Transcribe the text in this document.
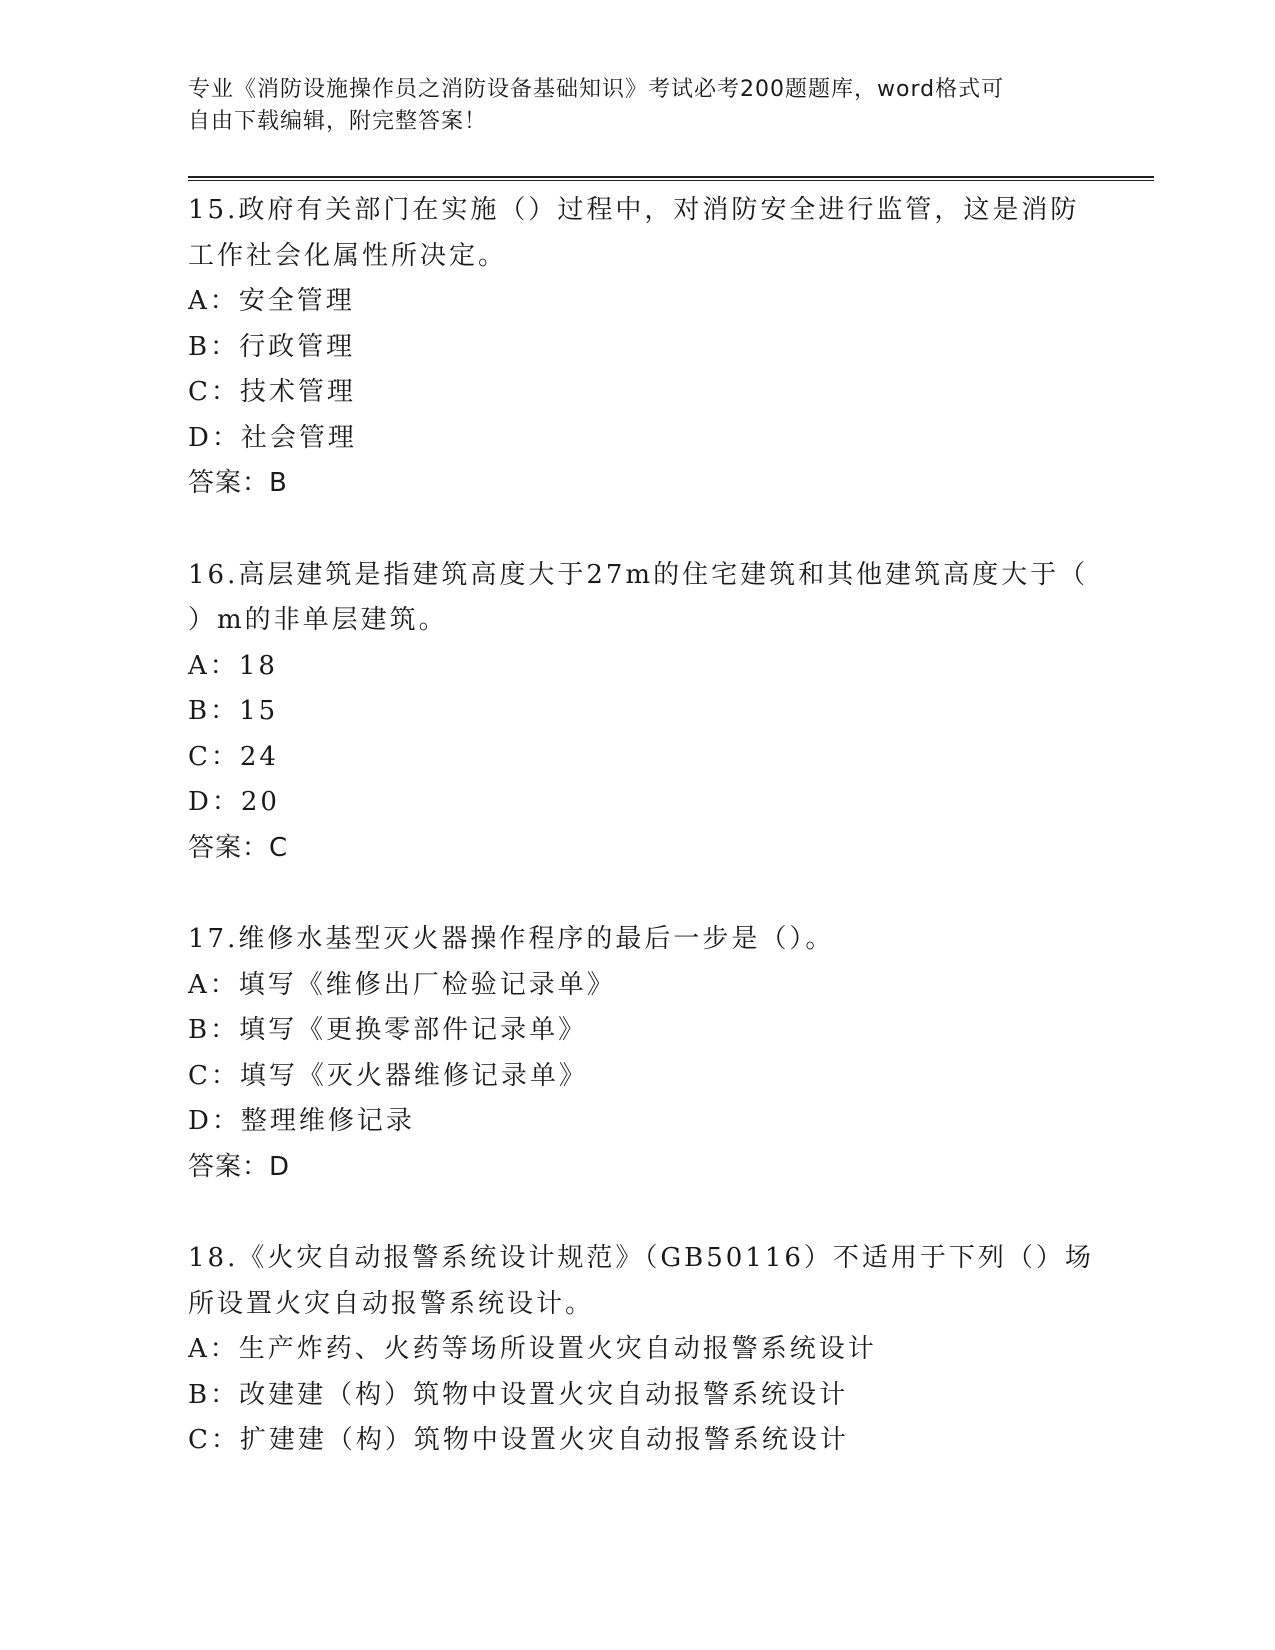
专业《消防设施操作员之消防设备基础知识》考试必考200题题库，word格式可
自由下载编辑，附完整答案！
15.政府有关部门在实施（）过程中，对消防安全进行监管，这是消防
工作社会化属性所决定。
A：安全管理
B：行政管理
C：技术管理
D：社会管理
答案：B
16.高层建筑是指建筑高度大于27m的住宅建筑和其他建筑高度大于（
）m的非单层建筑。
A：18
B：15
C：24
D：20
答案：C
17.维修水基型灭火器操作程序的最后一步是（）。
A：填写《维修出厂检验记录单》
B：填写《更换零部件记录单》
C：填写《灭火器维修记录单》
D：整理维修记录
答案：D
18.《火灾自动报警系统设计规范》（GB50116）不适用于下列（）场
所设置火灾自动报警系统设计。
A：生产炸药、火药等场所设置火灾自动报警系统设计
B：改建建（构）筑物中设置火灾自动报警系统设计
C：扩建建（构）筑物中设置火灾自动报警系统设计
